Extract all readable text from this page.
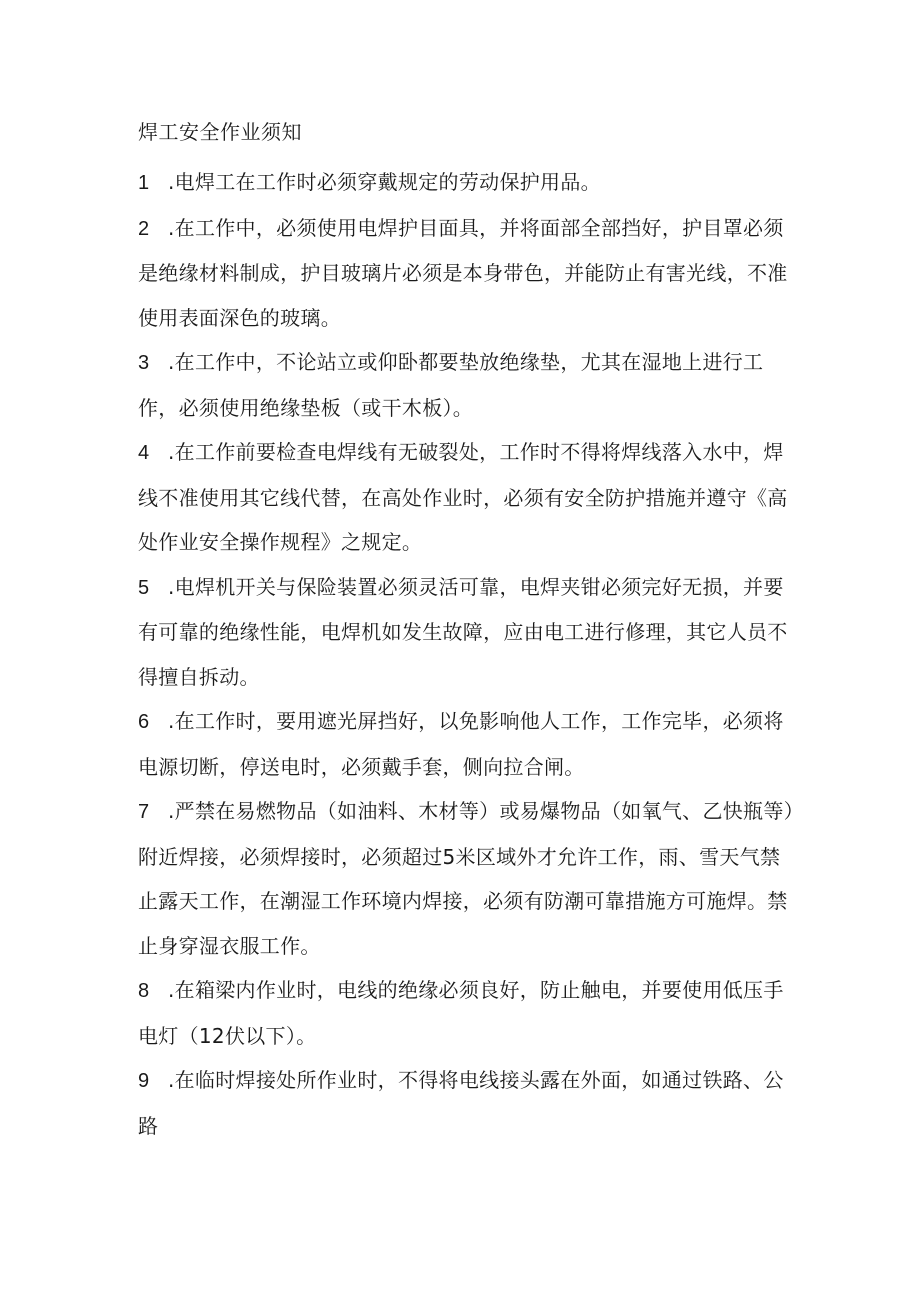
焊工安全作业须知

1 .电焊工在工作时必须穿戴规定的劳动保护用品。

2 .在工作中，必须使用电焊护目面具，并将面部全部挡好，护目罩必须是绝缘材料制成，护目玻璃片必须是本身带色，并能防止有害光线，不准使用表面深色的玻璃。

3 .在工作中，不论站立或仰卧都要垫放绝缘垫，尤其在湿地上进行工作，必须使用绝缘垫板（或干木板）。

4 .在工作前要检查电焊线有无破裂处，工作时不得将焊线落入水中，焊线不准使用其它线代替，在高处作业时，必须有安全防护措施并遵守《高处作业安全操作规程》之规定。

5 .电焊机开关与保险装置必须灵活可靠，电焊夹钳必须完好无损，并要有可靠的绝缘性能，电焊机如发生故障，应由电工进行修理，其它人员不得擅自拆动。

6 .在工作时，要用遮光屏挡好，以免影响他人工作，工作完毕，必须将电源切断，停送电时，必须戴手套，侧向拉合闸。

7 .严禁在易燃物品（如油料、木材等）或易爆物品（如氧气、乙快瓶等）附近焊接，必须焊接时，必须超过5米区域外才允许工作，雨、雪天气禁止露天工作，在潮湿工作环境内焊接，必须有防潮可靠措施方可施焊。禁止身穿湿衣服工作。

8 .在箱梁内作业时，电线的绝缘必须良好，防止触电，并要使用低压手电灯（12伏以下）。

9 .在临时焊接处所作业时，不得将电线接头露在外面，如通过铁路、公路
